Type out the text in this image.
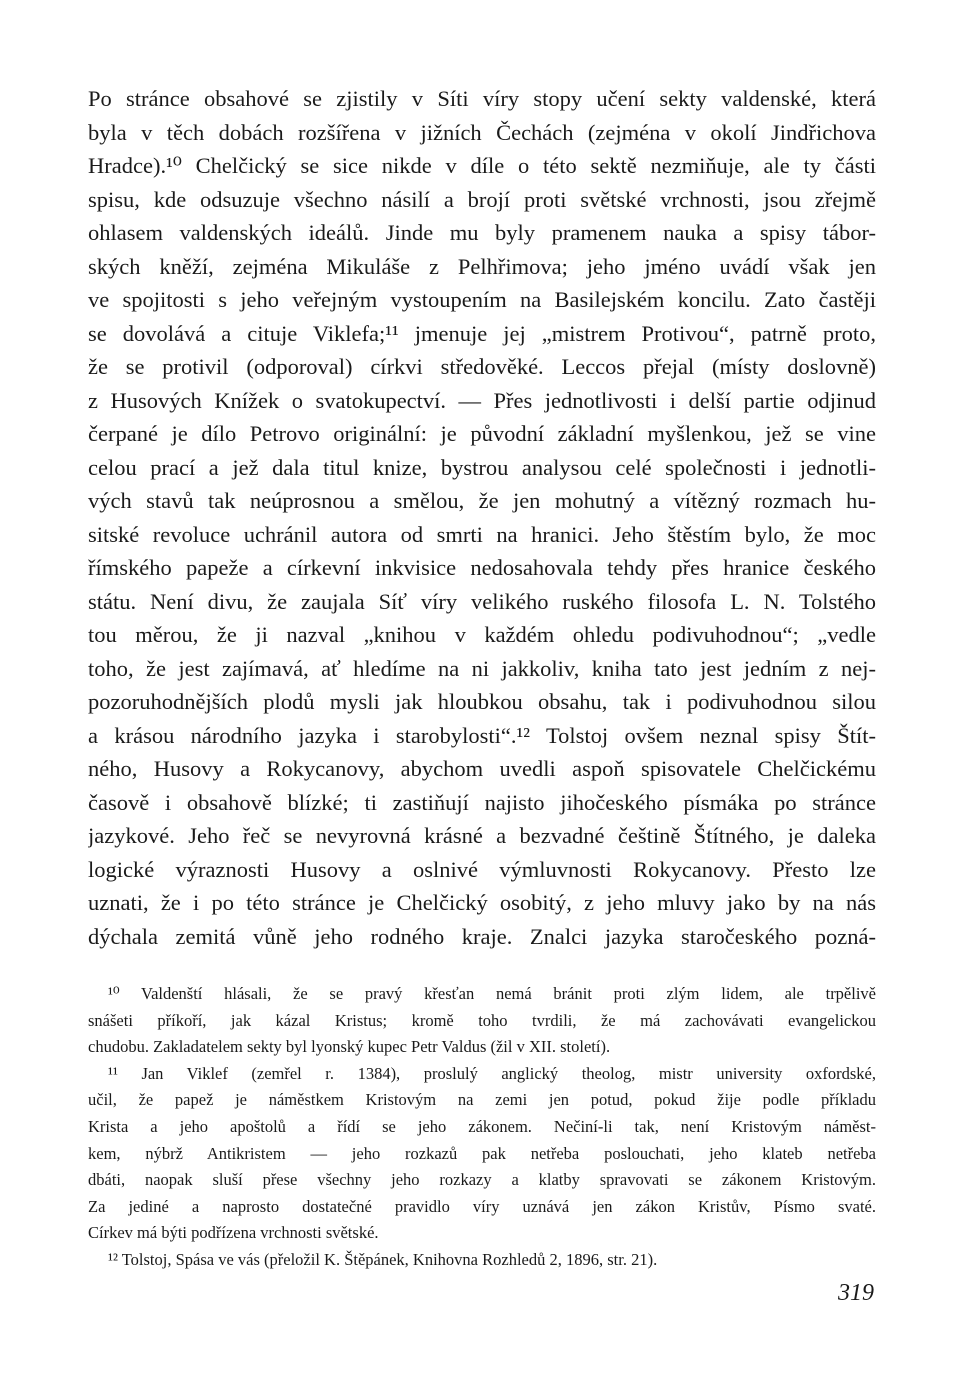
Po stránce obsahové se zjistily v Síti víry stopy učení sekty valdenské, která
byla v těch dobách rozšířena v jižních Čechách (zejména v okolí Jindřichova
Hradce).¹⁰ Chelčický se sice nikde v díle o této sektě nezmiňuje, ale ty části
spisu, kde odsuzuje všechno násilí a brojí proti světské vrchnosti, jsou zřejmě
ohlasem valdenských ideálů. Jinde mu byly pramenem nauka a spisy tábor-
ských kněží, zejména Mikuláše z Pelhřimova; jeho jméno uvádí však jen
ve spojitosti s jeho veřejným vystoupením na Basilejském koncilu. Zato častěji
se dovolává a cituje Viklefa;¹¹ jmenuje jej „mistrem Protivou“, patrně proto,
že se protivil (odporoval) církvi středověké. Leccos přejal (místy doslovně)
z Husových Knížek o svatokupectví. — Přes jednotlivosti i delší partie odjinud
čerpané je dílo Petrovo originální: je původní základní myšlenkou, jež se vine
celou prací a jež dala titul knize, bystrou analysou celé společnosti i jednotli-
vých stavů tak neúprosnou a smělou, že jen mohutný a vítězný rozmach hu-
sitské revoluce uchránil autora od smrti na hranici. Jeho štěstím bylo, že moc
římského papeže a církevní inkvisice nedosahovala tehdy přes hranice českého
státu. Není divu, že zaujala Síť víry velikého ruského filosofa L. N. Tolstého
tou měrou, že ji nazval „knihou v každém ohledu podivuhodnou“; „vedle
toho, že jest zajímavá, ať hledíme na ni jakkoliv, kniha tato jest jedním z nej-
pozoruhodnějších plodů mysli jak hloubkou obsahu, tak i podivuhodnou silou
a krásou národního jazyka i starobylosti“.¹² Tolstoj ovšem neznal spisy Štít-
ného, Husovy a Rokycanovy, abychom uvedli aspoň spisovatele Chelčickému
časově i obsahově blízké; ti zastiňují najisto jihočeského písmáka po stránce
jazykové. Jeho řeč se nevyrovná krásné a bezvadné češtině Štítného, je daleka
logické výraznosti Husovy a oslnivé výmluvnosti Rokycanovy. Přesto lze
uznati, že i po této stránce je Chelčický osobitý, z jeho mluvy jako by na nás
dýchala zemitá vůně jeho rodného kraje. Znalci jazyka staročeského pozná-
¹⁰ Valdenští hlásali, že se pravý křesťan nemá bránit proti zlým lidem, ale trpělivě
snášeti příkoří, jak kázal Kristus; kromě toho tvrdili, že má zachovávati evangelickou
chudobu. Zakladatelem sekty byl lyonský kupec Petr Valdus (žil v XII. století).
¹¹ Jan Viklef (zemřel r. 1384), proslulý anglický theolog, mistr university oxfordské,
učil, že papež je náměstkem Kristovým na zemi jen potud, pokud žije podle příkladu
Krista a jeho apoštolů a řídí se jeho zákonem. Nečiní-li tak, není Kristovým náměst-
kem, nýbrž Antikristem — jeho rozkazů pak netřeba poslouchati, jeho klateb netřeba
dbáti, naopak sluší přese všechny jeho rozkazy a klatby spravovati se zákonem Kristovým.
Za jediné a naprosto dostatečné pravidlo víry uznává jen zákon Kristův, Písmo svaté.
Církev má býti podřízena vrchnosti světské.
¹² Tolstoj, Spása ve vás (přeložil K. Štěpánek, Knihovna Rozhledů 2, 1896, str. 21).
319
